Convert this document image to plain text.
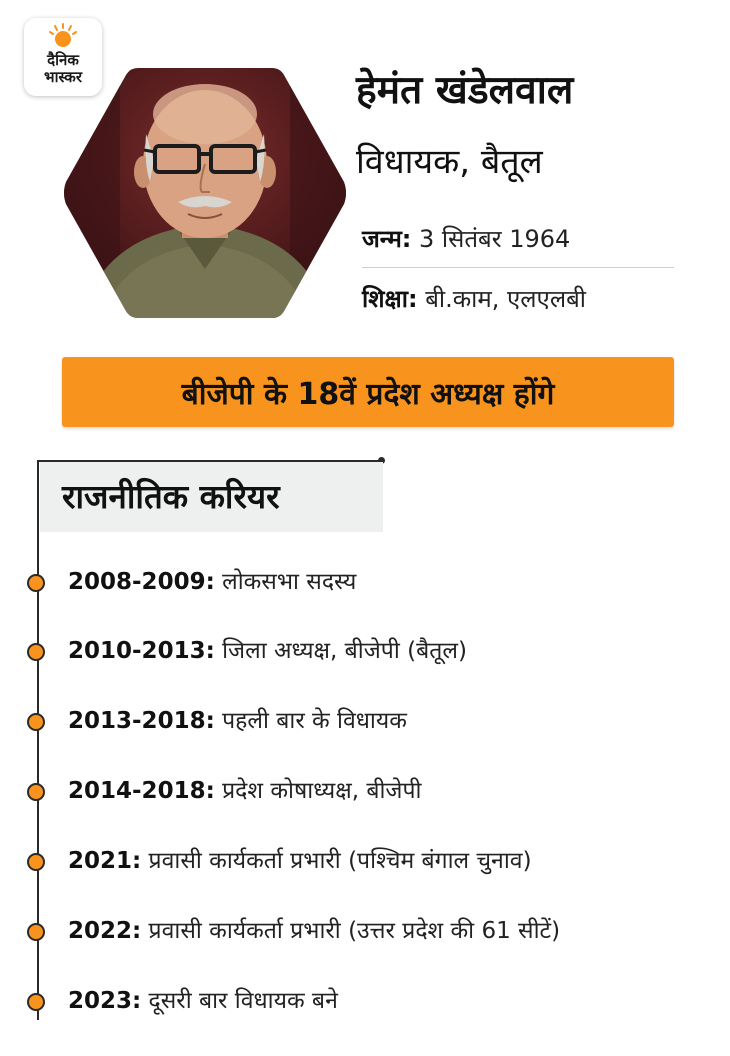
दैनिक
भास्कर	हेमंत खंडेलवाल
विधायक, बैतूल
जन्म: 3 सितंबर 1964
शिक्षा: बी.काम, एलएलबी
बीजेपी के 18वें प्रदेश अध्यक्ष होंगे
राजनीतिक करियर
2008-2009: लोकसभा सदस्य
2010-2013: जिला अध्यक्ष, बीजेपी (बैतूल)
2013-2018: पहली बार के विधायक
2014-2018: प्रदेश कोषाध्यक्ष, बीजेपी
2021: प्रवासी कार्यकर्ता प्रभारी (पश्चिम बंगाल चुनाव)
2022: प्रवासी कार्यकर्ता प्रभारी (उत्तर प्रदेश की 61 सीटें)
2023: दूसरी बार विधायक बने
